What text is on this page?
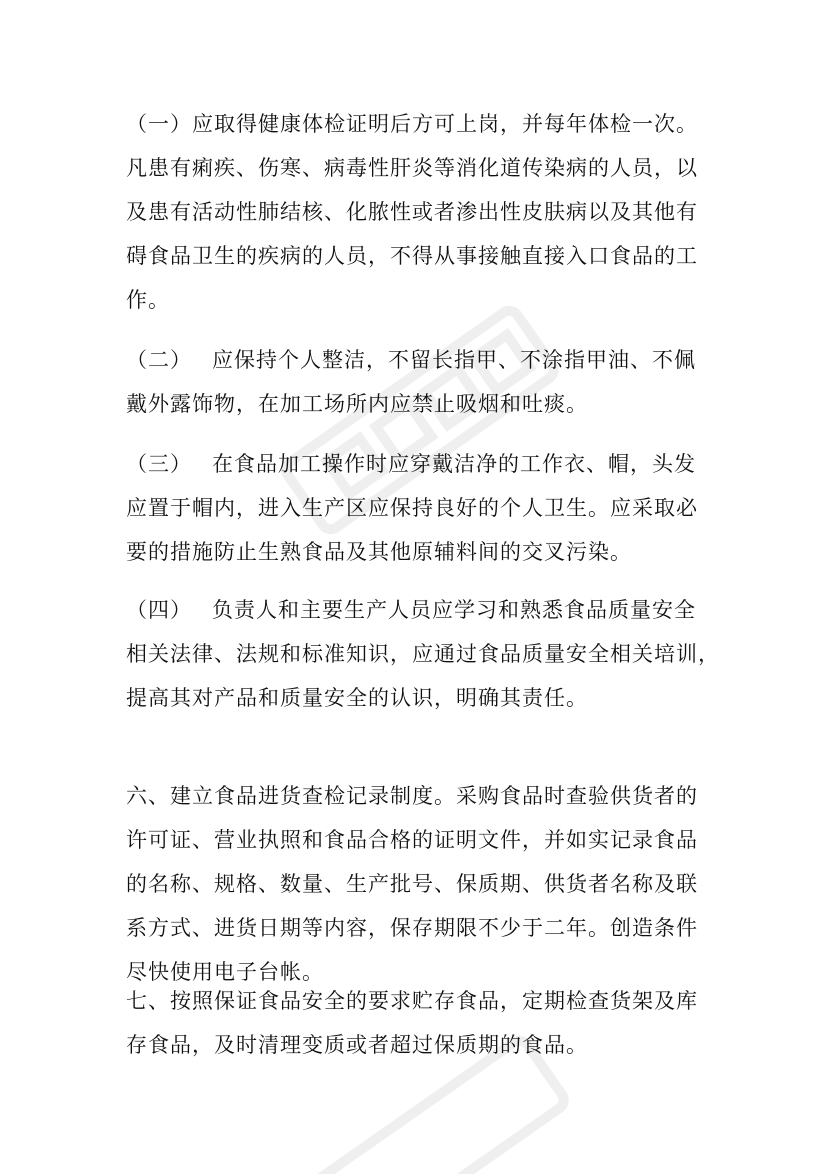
（一）应取得健康体检证明后方可上岗，并每年体检一次。
凡患有痢疾、伤寒、病毒性肝炎等消化道传染病的人员，以
及患有活动性肺结核、化脓性或者渗出性皮肤病以及其他有
碍食品卫生的疾病的人员，不得从事接触直接入口食品的工
作。
（二） 应保持个人整洁，不留长指甲、不涂指甲油、不佩
戴外露饰物，在加工场所内应禁止吸烟和吐痰。
（三） 在食品加工操作时应穿戴洁净的工作衣、帽，头发
应置于帽内，进入生产区应保持良好的个人卫生。应采取必
要的措施防止生熟食品及其他原辅料间的交叉污染。
（四） 负责人和主要生产人员应学习和熟悉食品质量安全
相关法律、法规和标准知识，应通过食品质量安全相关培训，
提高其对产品和质量安全的认识，明确其责任。
六、建立食品进货查检记录制度。采购食品时查验供货者的
许可证、营业执照和食品合格的证明文件，并如实记录食品
的名称、规格、数量、生产批号、保质期、供货者名称及联
系方式、进货日期等内容，保存期限不少于二年。创造条件
尽快使用电子台帐。
七、按照保证食品安全的要求贮存食品，定期检查货架及库
存食品，及时清理变质或者超过保质期的食品。
